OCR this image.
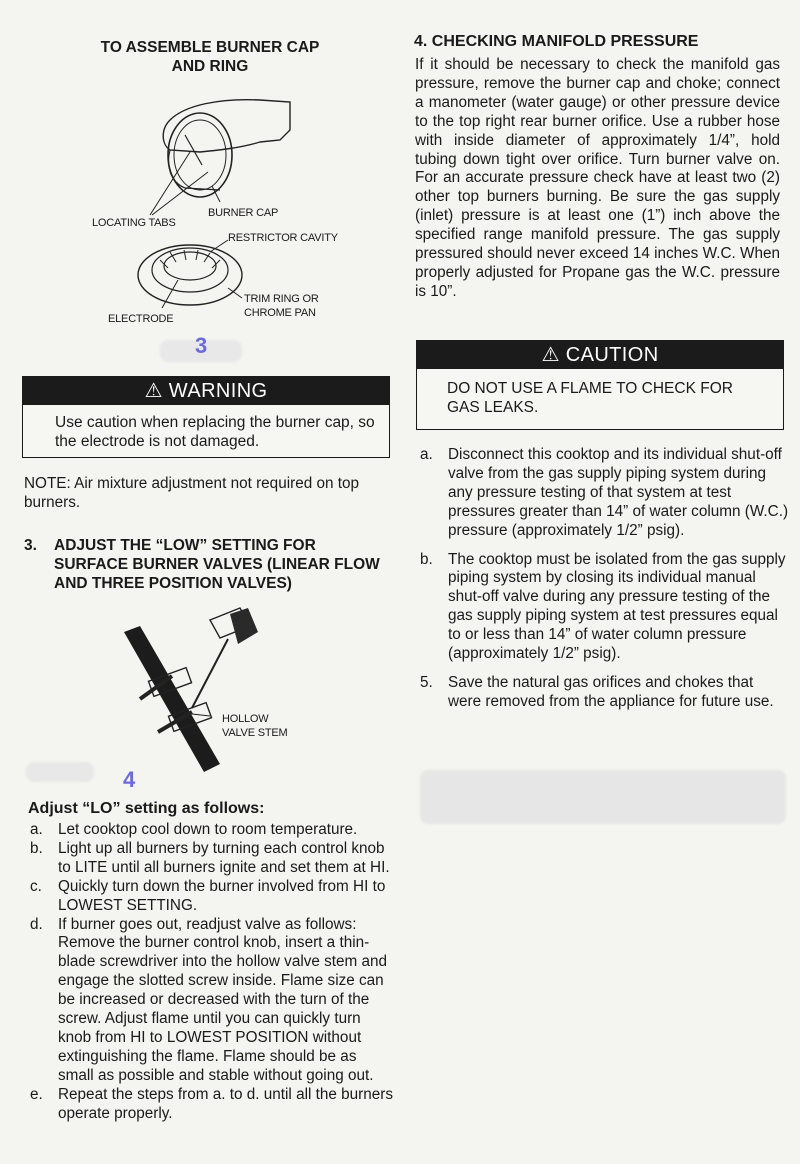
TO ASSEMBLE BURNER CAP
AND RING
LOCATING TABS
BURNER CAP
RESTRICTOR CAVITY
TRIM RING OR
CHROME PAN
ELECTRODE
3
⚠ WARNING
Use caution when replacing the burner cap, so the electrode is not damaged.
NOTE: Air mixture adjustment not required on top burners.
3.	ADJUST THE “LOW” SETTING FOR SURFACE BURNER VALVES (LINEAR FLOW AND THREE POSITION VALVES)
HOLLOW
VALVE STEM
4
Adjust “LO” setting as follows:
a. Let cooktop cool down to room temperature.
b. Light up all burners by turning each control knob to LITE until all burners ignite and set them at HI.
c.	Quickly turn down the burner involved from HI to LOWEST SETTING.
d. If burner goes out, readjust valve as follows: Remove the burner control knob, insert a thin-blade screwdriver into the hollow valve stem and engage the slotted screw inside. Flame size can be increased or decreased with the turn of the screw. Adjust flame until you can quickly turn knob from HI to LOWEST POSITION without extinguishing the flame. Flame should be as small as possible and stable without going out.
e. Repeat the steps from a. to d. until all the burners operate properly.
4. CHECKING MANIFOLD PRESSURE
If it should be necessary to check the manifold gas pressure, remove the burner cap and choke; connect a manometer (water gauge) or other pressure device to the top right rear burner orifice. Use a rubber hose with inside diameter of approximately 1/4”, hold tubing down tight over orifice. Turn burner valve on. For an accurate pressure check have at least two (2) other top burners burning. Be sure the gas supply (inlet) pressure is at least one (1”) inch above the specified range manifold pressure. The gas supply pressured should never exceed 14 inches W.C. When properly adjusted for Propane gas the W.C. pressure is 10”.
⚠ CAUTION
DO NOT USE A FLAME TO CHECK FOR GAS LEAKS.
a. Disconnect this cooktop and its individual shut-off valve from the gas supply piping system during any pressure testing of that system at test pressures greater than 14” of water column (W.C.) pressure (approximately 1/2” psig).
b. The cooktop must be isolated from the gas supply piping system by closing its individual manual shut-off valve during any pressure testing of the gas supply piping system at test pressures equal to or less than 14” of water column pressure (approximately 1/2” psig).
5. Save the natural gas orifices and chokes that were removed from the appliance for future use.
